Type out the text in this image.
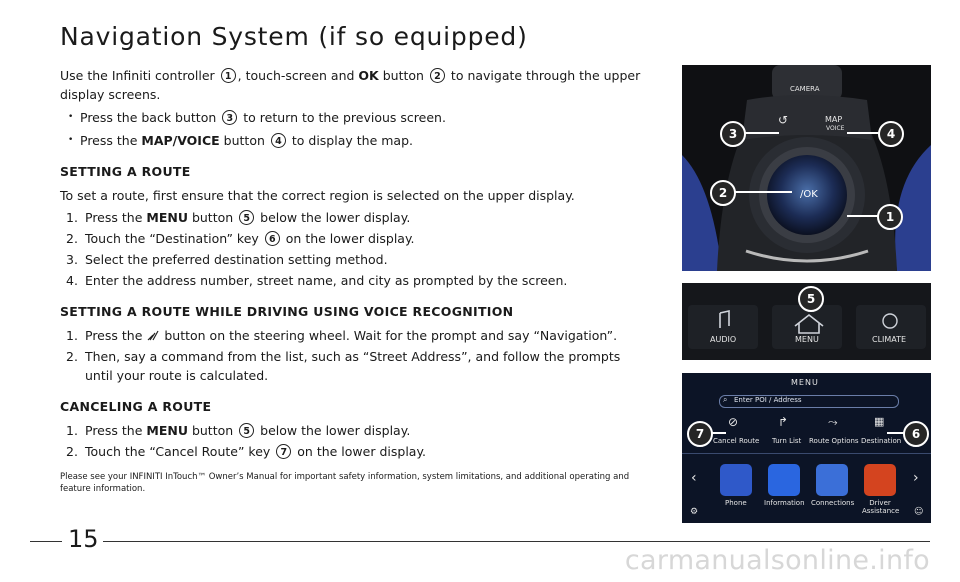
Navigation System (if so equipped)

Use the Infiniti controller 1 , touch-screen and OK button 2 to navigate through the upper display screens.

• Press the back button 3 to return to the previous screen.
• Press the MAP/VOICE button 4 to display the map.
SETTING A ROUTE

To set a route, first ensure that the correct region is selected on the upper display.

1. Press the MENU button 5 below the lower display.
2. Touch the “Destination” key 6 on the lower display.
3. Select the preferred destination setting method.
4. Enter the address number, street name, and city as prompted by the screen.
SETTING A ROUTE WHILE DRIVING USING VOICE RECOGNITION
1. Press the button on the steering wheel. Wait for the prompt and say “Navigation”.
2. Then, say a command from the list, such as “Street Address”, and follow the prompts until your route is calculated.
CANCELING A ROUTE
1. Press the MENU button 5 below the lower display.
2. Touch the “Cancel Route” key 7 on the lower display.

Please see your INFINITI InTouch™ Owner’s Manual for important safety information, system limitations, and additional operating and feature information.

CAMERA
MAP
VOICE
↺
/OK
3	4
2
1
AUDIO	MENU	CLIMATE
5
MENU
⌕ Enter POI / Address
⊘	↱	⤳	▦
Cancel Route Turn List Route Options Destination
‹	›
Phone Information Connections	Driver Assistance
⚙	☺
7	6
15
carmanualsonline.info
